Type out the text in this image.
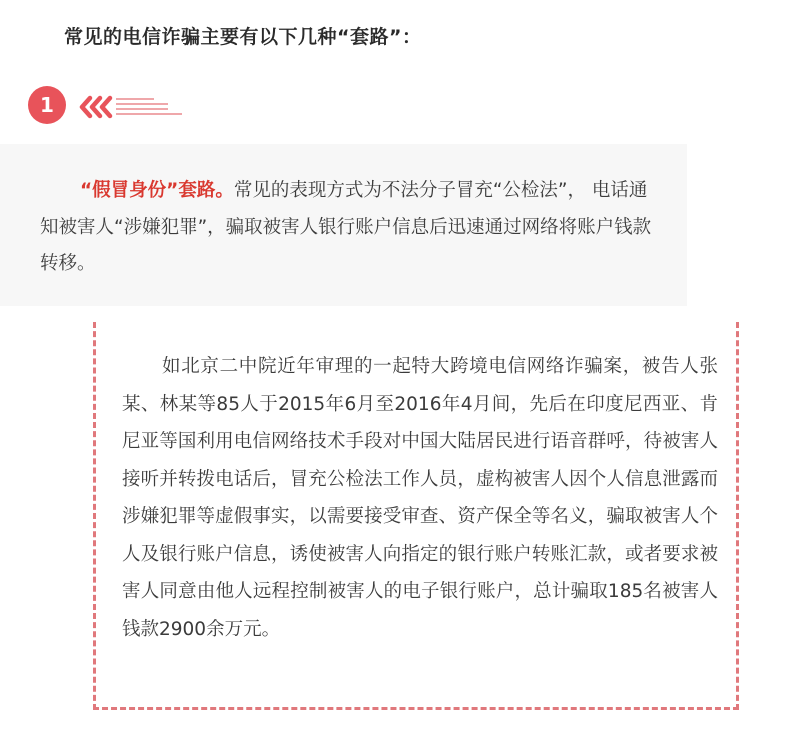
常见的电信诈骗主要有以下几种“套路”：
1

“假冒身份”套路。常见的表现方式为不法分子冒充“公检法”， 电话通知被害人“涉嫌犯罪”，骗取被害人银行账户信息后迅速通过网络将账户钱款转移。

如北京二中院近年审理的一起特大跨境电信网络诈骗案，被告人张某、林某等85人于2015年6月至2016年4月间，先后在印度尼西亚、肯尼亚等国利用电信网络技术手段对中国大陆居民进行语音群呼，待被害人接听并转拨电话后，冒充公检法工作人员，虚构被害人因个人信息泄露而涉嫌犯罪等虚假事实，以需要接受审查、资产保全等名义，骗取被害人个人及银行账户信息，诱使被害人向指定的银行账户转账汇款，或者要求被害人同意由他人远程控制被害人的电子银行账户，总计骗取185名被害人钱款2900余万元。
